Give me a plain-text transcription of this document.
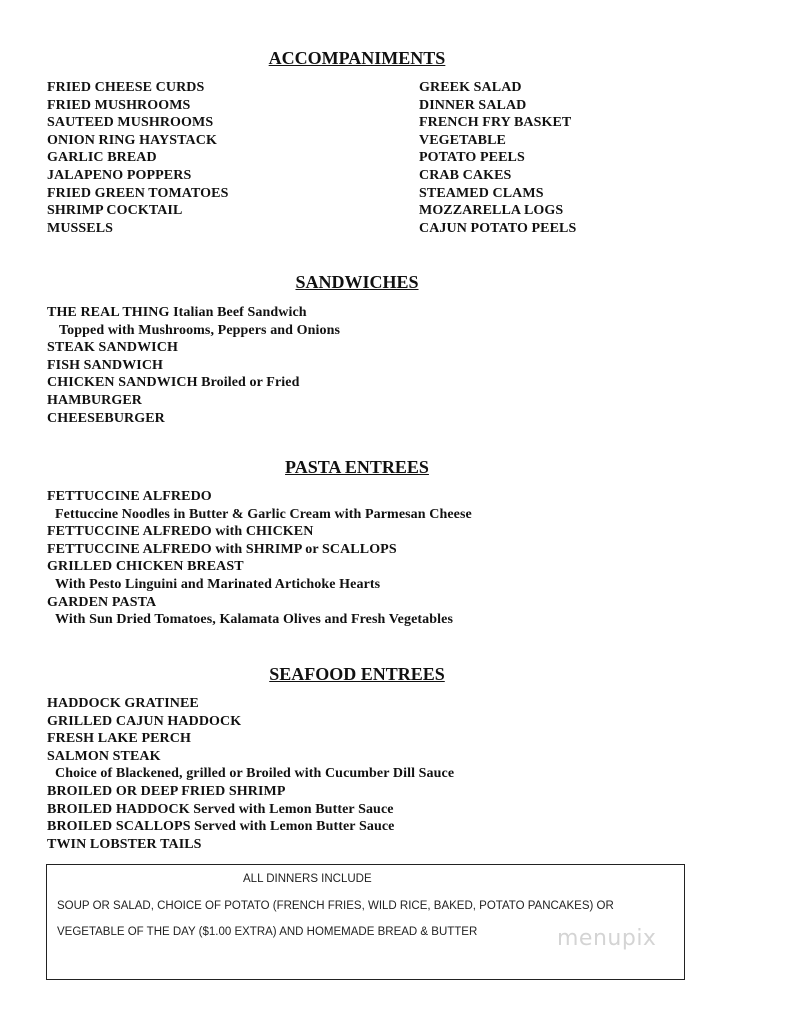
ACCOMPANIMENTS
FRIED CHEESE CURDS
FRIED MUSHROOMS
SAUTEED MUSHROOMS
ONION RING HAYSTACK
GARLIC BREAD
JALAPENO POPPERS
FRIED GREEN TOMATOES
SHRIMP COCKTAIL
MUSSELS
GREEK SALAD
DINNER SALAD
FRENCH FRY BASKET
VEGETABLE
POTATO PEELS
CRAB CAKES
STEAMED CLAMS
MOZZARELLA LOGS
CAJUN POTATO PEELS
SANDWICHES
THE REAL THING Italian Beef Sandwich
Topped with Mushrooms, Peppers and Onions
STEAK SANDWICH
FISH SANDWICH
CHICKEN SANDWICH Broiled or Fried
HAMBURGER
CHEESEBURGER
PASTA ENTREES
FETTUCCINE ALFREDO
Fettuccine Noodles in Butter & Garlic Cream with Parmesan Cheese
FETTUCCINE ALFREDO with CHICKEN
FETTUCCINE ALFREDO with SHRIMP or SCALLOPS
GRILLED CHICKEN BREAST
With Pesto Linguini and Marinated Artichoke Hearts
GARDEN PASTA
With Sun Dried Tomatoes, Kalamata Olives and Fresh Vegetables
SEAFOOD ENTREES
HADDOCK GRATINEE
GRILLED CAJUN HADDOCK
FRESH LAKE PERCH
SALMON STEAK
Choice of Blackened, grilled or Broiled with Cucumber Dill Sauce
BROILED OR DEEP FRIED SHRIMP
BROILED HADDOCK Served with Lemon Butter Sauce
BROILED SCALLOPS Served with Lemon Butter Sauce
TWIN LOBSTER TAILS
ALL DINNERS INCLUDE
SOUP OR SALAD, CHOICE OF POTATO (FRENCH FRIES, WILD RICE, BAKED, POTATO PANCAKES) OR
VEGETABLE OF THE DAY ($1.00 EXTRA) AND HOMEMADE BREAD & BUTTER	menupix
